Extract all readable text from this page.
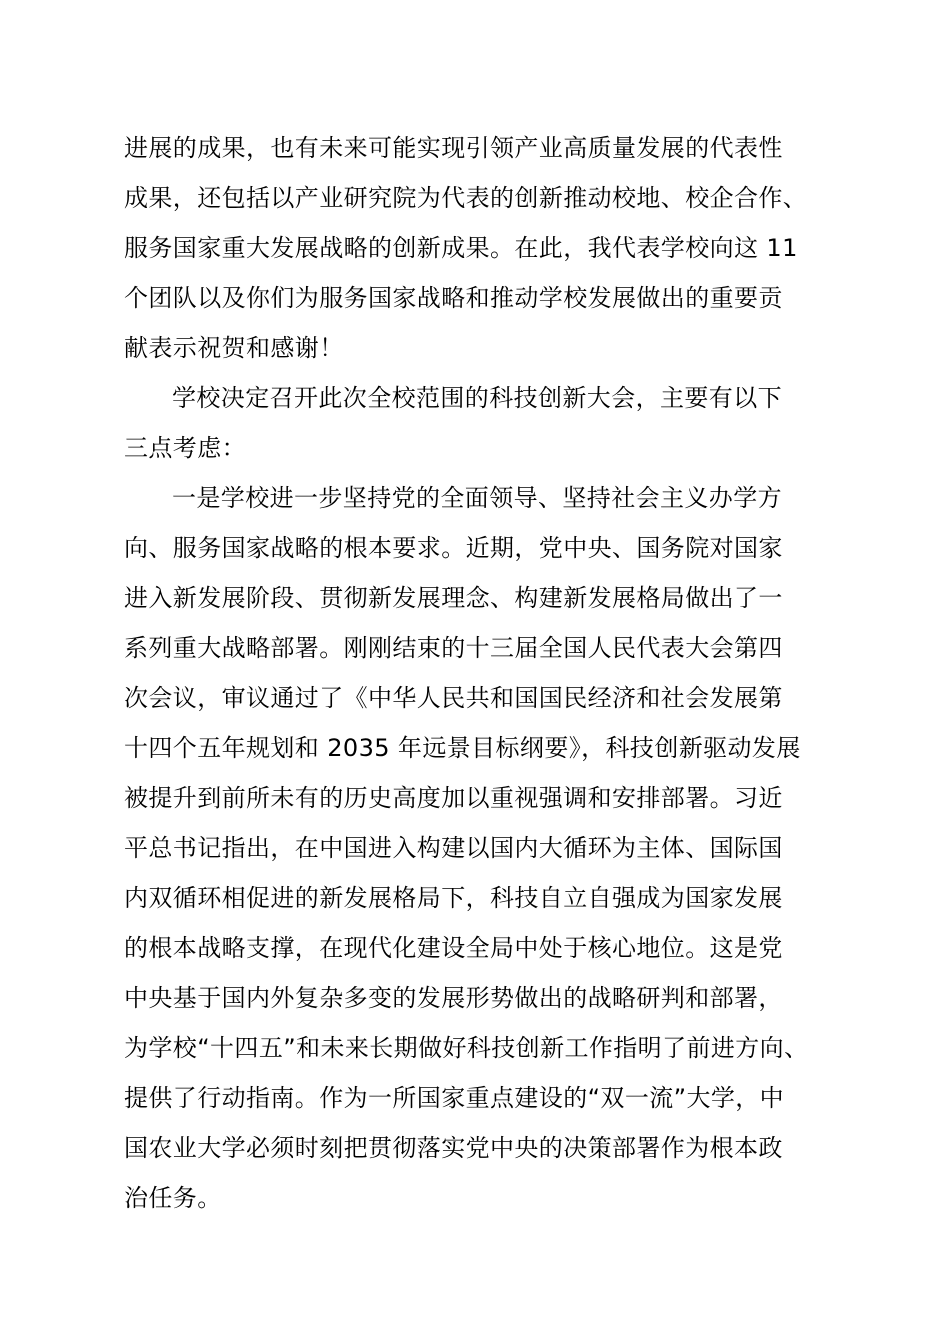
进展的成果，也有未来可能实现引领产业高质量发展的代表性
成果，还包括以产业研究院为代表的创新推动校地、校企合作、
服务国家重大发展战略的创新成果。在此，我代表学校向这 11
个团队以及你们为服务国家战略和推动学校发展做出的重要贡
献表示祝贺和感谢！
学校决定召开此次全校范围的科技创新大会，主要有以下
三点考虑：
一是学校进一步坚持党的全面领导、坚持社会主义办学方
向、服务国家战略的根本要求。近期，党中央、国务院对国家
进入新发展阶段、贯彻新发展理念、构建新发展格局做出了一
系列重大战略部署。刚刚结束的十三届全国人民代表大会第四
次会议，审议通过了《中华人民共和国国民经济和社会发展第
十四个五年规划和 2035 年远景目标纲要》，科技创新驱动发展
被提升到前所未有的历史高度加以重视强调和安排部署。习近
平总书记指出，在中国进入构建以国内大循环为主体、国际国
内双循环相促进的新发展格局下，科技自立自强成为国家发展
的根本战略支撑，在现代化建设全局中处于核心地位。这是党
中央基于国内外复杂多变的发展形势做出的战略研判和部署，
为学校“十四五”和未来长期做好科技创新工作指明了前进方向、
提供了行动指南。作为一所国家重点建设的“双一流”大学，中
国农业大学必须时刻把贯彻落实党中央的决策部署作为根本政
治任务。
